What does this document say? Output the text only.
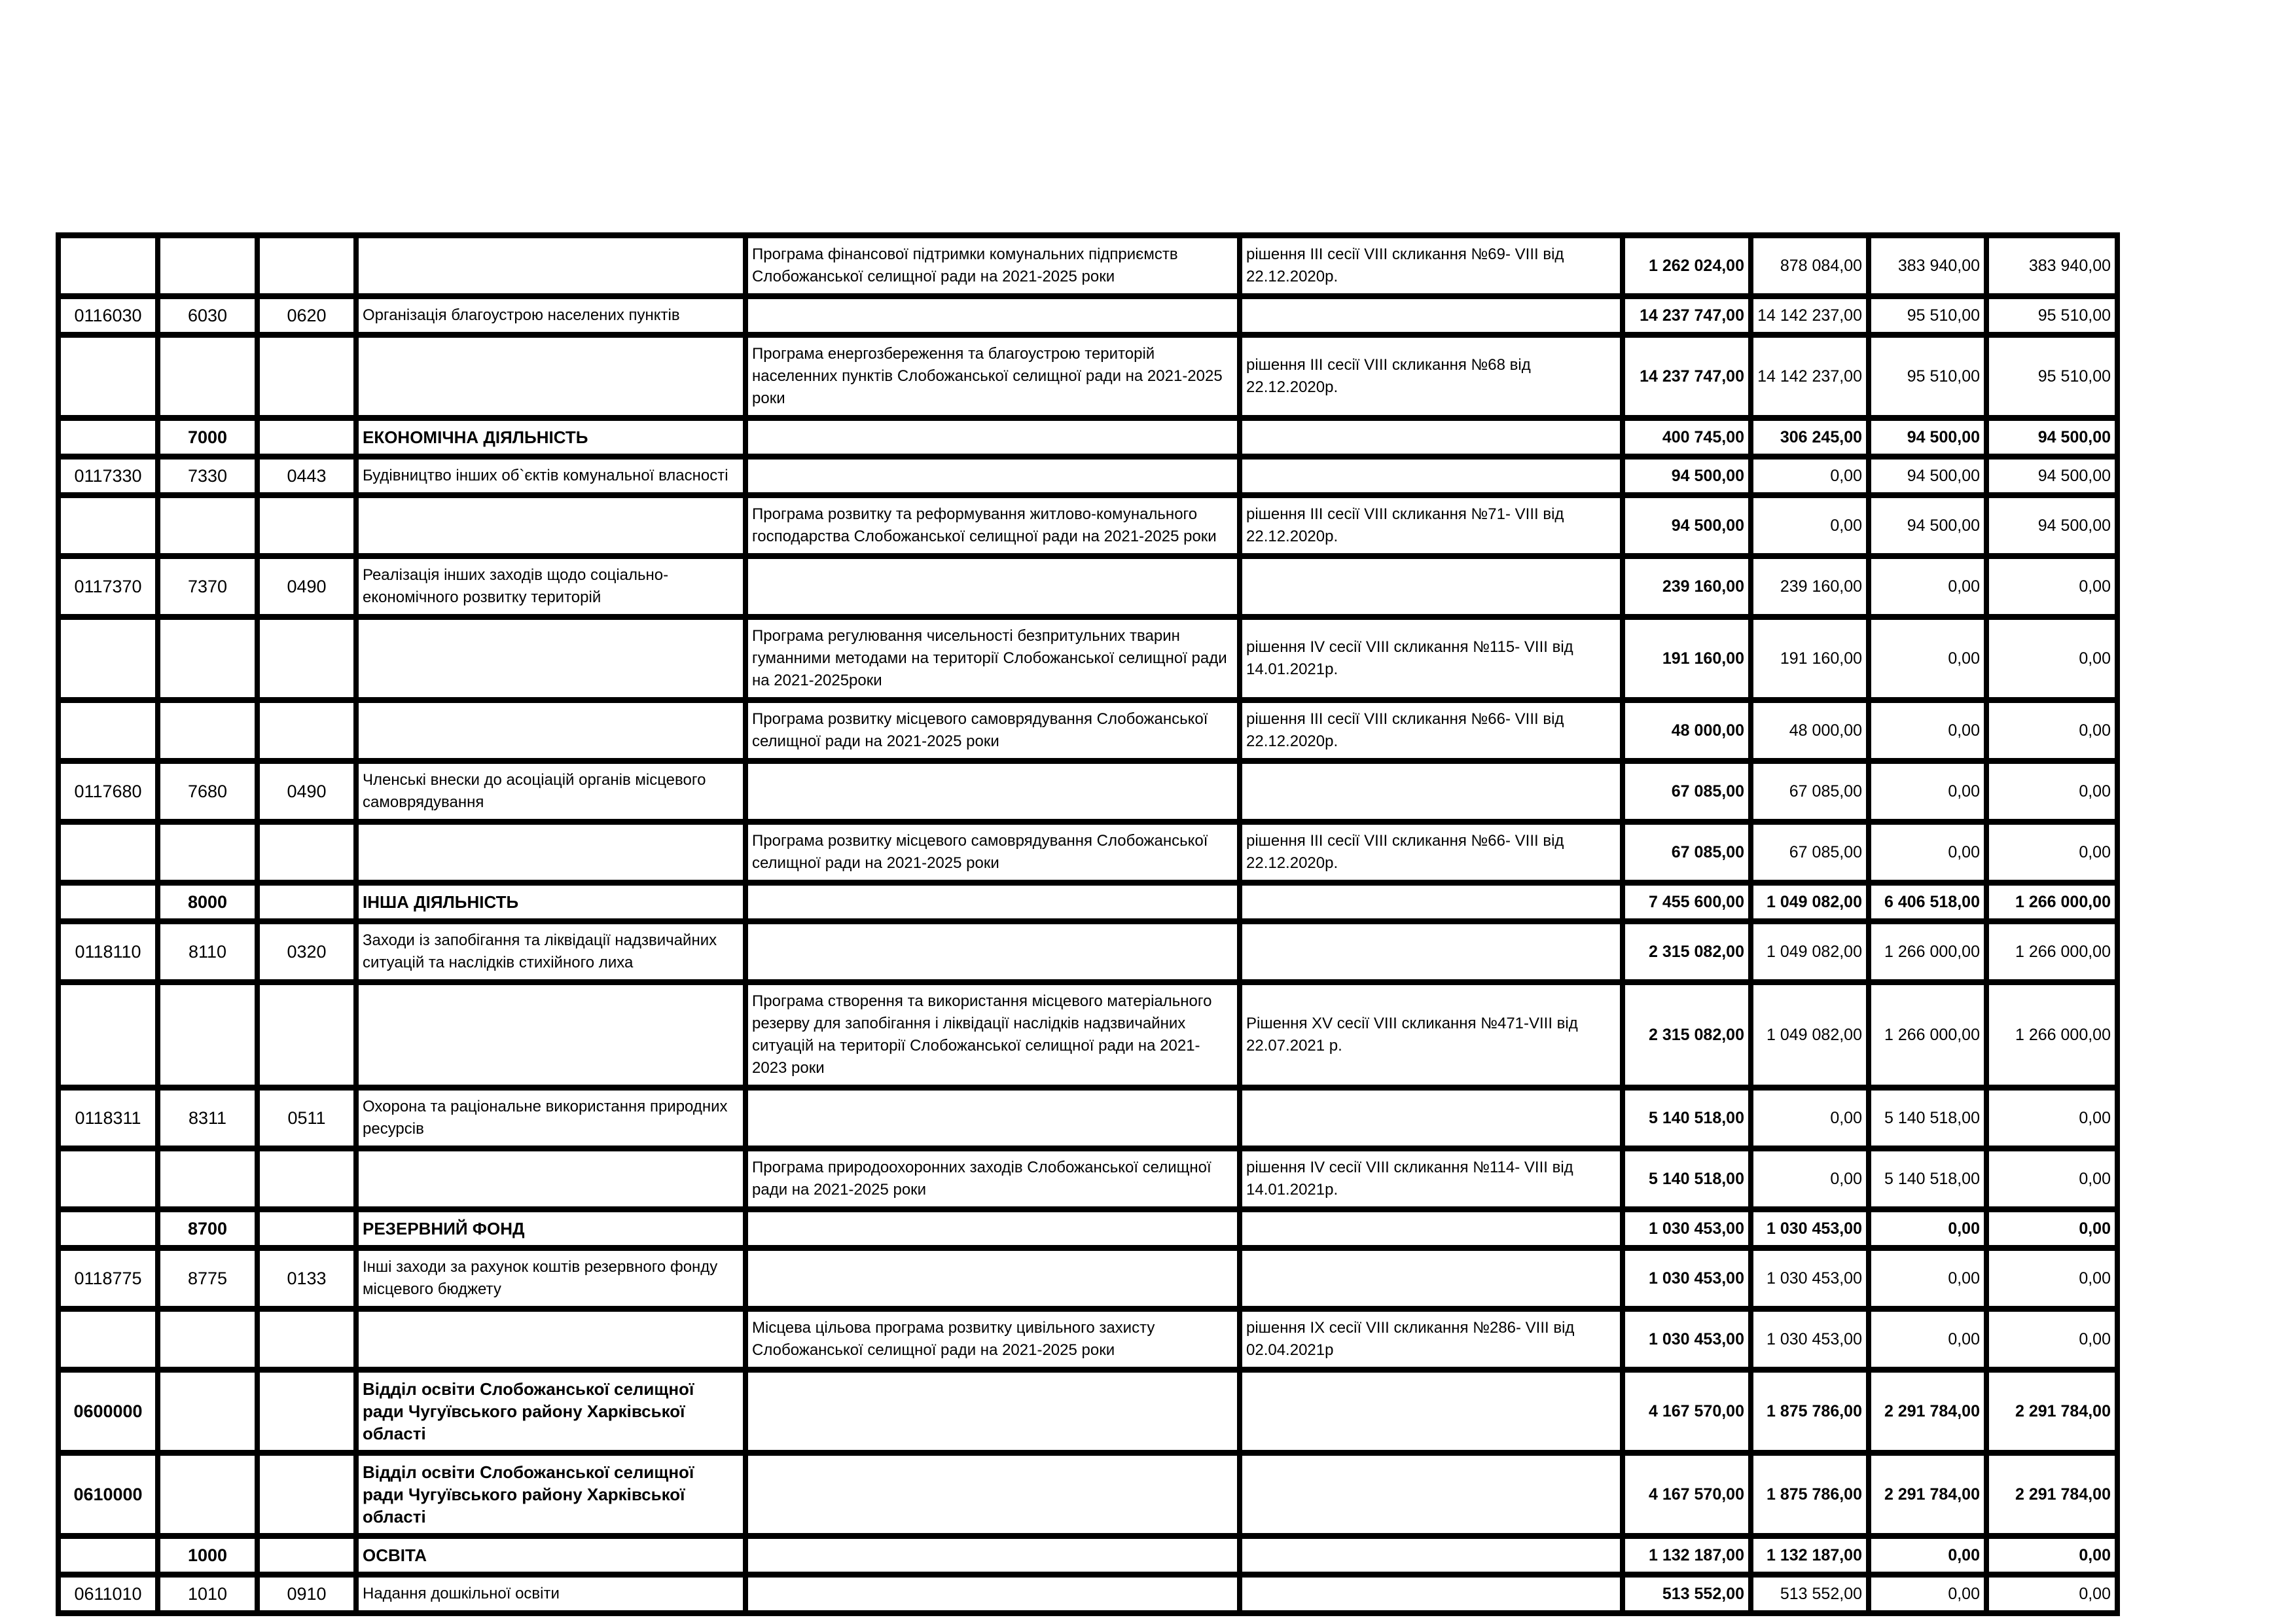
				Програма фінансової підтримки комунальних підприємств Слобожанської селищної ради на 2021-2025 роки	рішення III сесії VIII скликання №69- VIII від 22.12.2020р.	1 262 024,00	878 084,00	383 940,00	383 940,00
0116030	6030	0620	Організація благоустрою населених пунктів			14 237 747,00	14 142 237,00	95 510,00	95 510,00
				Програма енергозбереження та благоустрою територій населенних пунктів Слобожанської селищної ради на 2021-2025 роки	рішення III сесії VIII скликання №68 від 22.12.2020р.	14 237 747,00	14 142 237,00	95 510,00	95 510,00
	7000		ЕКОНОМІЧНА ДІЯЛЬНІСТЬ			400 745,00	306 245,00	94 500,00	94 500,00
0117330	7330	0443	Будівництво інших об`єктів комунальної власності			94 500,00	0,00	94 500,00	94 500,00
				Програма розвитку та реформування житлово-комунального господарства Слобожанської селищної ради на 2021-2025 роки	рішення III сесії VIII скликання №71- VIII від 22.12.2020р.	94 500,00	0,00	94 500,00	94 500,00
0117370	7370	0490	Реалізація інших заходів щодо соціально-економічного розвитку територій			239 160,00	239 160,00	0,00	0,00
				Програма регулювання чисельності безпритульних тварин гуманними методами на території Слобожанської селищної ради на 2021-2025роки	рішення IV сесії VIII скликання №115- VIII від 14.01.2021р.	191 160,00	191 160,00	0,00	0,00
				Програма розвитку місцевого самоврядування Слобожанської селищної ради на 2021-2025 роки	рішення III сесії VIII скликання №66- VIII від 22.12.2020р.	48 000,00	48 000,00	0,00	0,00
0117680	7680	0490	Членські внески до асоціацій органів місцевого самоврядування			67 085,00	67 085,00	0,00	0,00
				Програма розвитку місцевого самоврядування Слобожанської селищної ради на 2021-2025 роки	рішення III сесії VIII скликання №66- VIII від 22.12.2020р.	67 085,00	67 085,00	0,00	0,00
	8000		ІНША ДІЯЛЬНІСТЬ			7 455 600,00	1 049 082,00	6 406 518,00	1 266 000,00
0118110	8110	0320	Заходи із запобігання та ліквідації надзвичайних ситуацій та наслідків стихійного лиха			2 315 082,00	1 049 082,00	1 266 000,00	1 266 000,00
				Програма створення та використання місцевого матеріального резерву для запобігання і ліквідації наслідків надзвичайних ситуацій на території Слобожанської селищної ради на 2021-2023 роки	Рішення XV сесії VIII скликання №471-VIII від 22.07.2021 р.	2 315 082,00	1 049 082,00	1 266 000,00	1 266 000,00
0118311	8311	0511	Охорона та раціональне використання природних ресурсів			5 140 518,00	0,00	5 140 518,00	0,00
				Програма природоохоронних заходів Слобожанської селищної ради на 2021-2025 роки	рішення IV сесії VIII скликання №114- VIII від 14.01.2021р.	5 140 518,00	0,00	5 140 518,00	0,00
	8700		РЕЗЕРВНИЙ ФОНД			1 030 453,00	1 030 453,00	0,00	0,00
0118775	8775	0133	Інші заходи за рахунок коштів резервного фонду місцевого бюджету			1 030 453,00	1 030 453,00	0,00	0,00
				Місцева цільова програма розвитку цивільного захисту Слобожанської селищної ради на 2021-2025 роки	рішення IX сесії VIII скликання №286- VIII від 02.04.2021р	1 030 453,00	1 030 453,00	0,00	0,00
0600000			Відділ освіти Слобожанської селищної ради Чугуївського району Харківської області			4 167 570,00	1 875 786,00	2 291 784,00	2 291 784,00
0610000			Відділ освіти Слобожанської селищної ради Чугуївського району Харківської області			4 167 570,00	1 875 786,00	2 291 784,00	2 291 784,00
	1000		ОСВІТА			1 132 187,00	1 132 187,00	0,00	0,00
0611010	1010	0910	Надання дошкільної освіти			513 552,00	513 552,00	0,00	0,00
